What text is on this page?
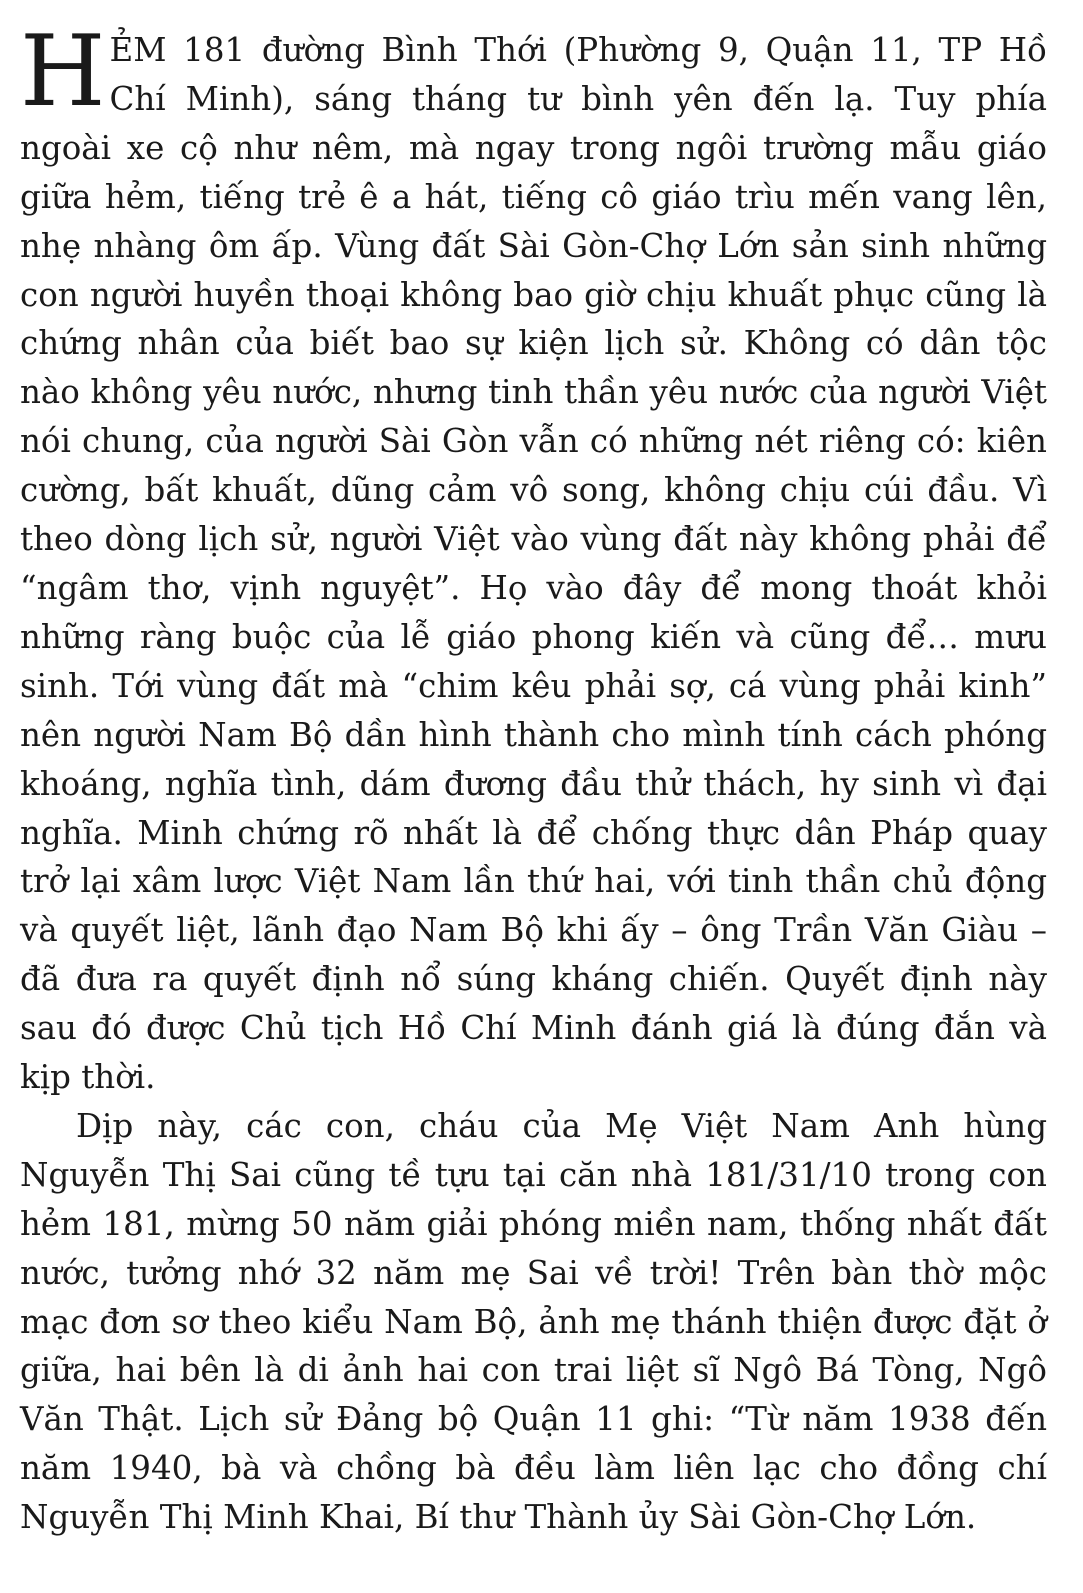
HẺM 181 đường Bình Thới (Phường 9, Quận 11, TP Hồ Chí Minh), sáng tháng tư bình yên đến lạ. Tuy phía ngoài xe cộ như nêm, mà ngay trong ngôi trường mẫu giáo giữa hẻm, tiếng trẻ ê a hát, tiếng cô giáo trìu mến vang lên, nhẹ nhàng ôm ấp. Vùng đất Sài Gòn-Chợ Lớn sản sinh những con người huyền thoại không bao giờ chịu khuất phục cũng là chứng nhân của biết bao sự kiện lịch sử. Không có dân tộc nào không yêu nước, nhưng tinh thần yêu nước của người Việt nói chung, của người Sài Gòn vẫn có những nét riêng có: kiên cường, bất khuất, dũng cảm vô song, không chịu cúi đầu. Vì theo dòng lịch sử, người Việt vào vùng đất này không phải để “ngâm thơ, vịnh nguyệt”. Họ vào đây để mong thoát khỏi những ràng buộc của lễ giáo phong kiến và cũng để… mưu sinh. Tới vùng đất mà “chim kêu phải sợ, cá vùng phải kinh” nên người Nam Bộ dần hình thành cho mình tính cách phóng khoáng, nghĩa tình, dám đương đầu thử thách, hy sinh vì đại nghĩa. Minh chứng rõ nhất là để chống thực dân Pháp quay trở lại xâm lược Việt Nam lần thứ hai, với tinh thần chủ động và quyết liệt, lãnh đạo Nam Bộ khi ấy – ông Trần Văn Giàu – đã đưa ra quyết định nổ súng kháng chiến. Quyết định này sau đó được Chủ tịch Hồ Chí Minh đánh giá là đúng đắn và kịp thời.

Dịp này, các con, cháu của Mẹ Việt Nam Anh hùng Nguyễn Thị Sai cũng tề tựu tại căn nhà 181/31/10 trong con hẻm 181, mừng 50 năm giải phóng miền nam, thống nhất đất nước, tưởng nhớ 32 năm mẹ Sai về trời! Trên bàn thờ mộc mạc đơn sơ theo kiểu Nam Bộ, ảnh mẹ thánh thiện được đặt ở giữa, hai bên là di ảnh hai con trai liệt sĩ Ngô Bá Tòng, Ngô Văn Thật. Lịch sử Đảng bộ Quận 11 ghi: “Từ năm 1938 đến năm 1940, bà và chồng bà đều làm liên lạc cho đồng chí Nguyễn Thị Minh Khai, Bí thư Thành ủy Sài Gòn-Chợ Lớn.
